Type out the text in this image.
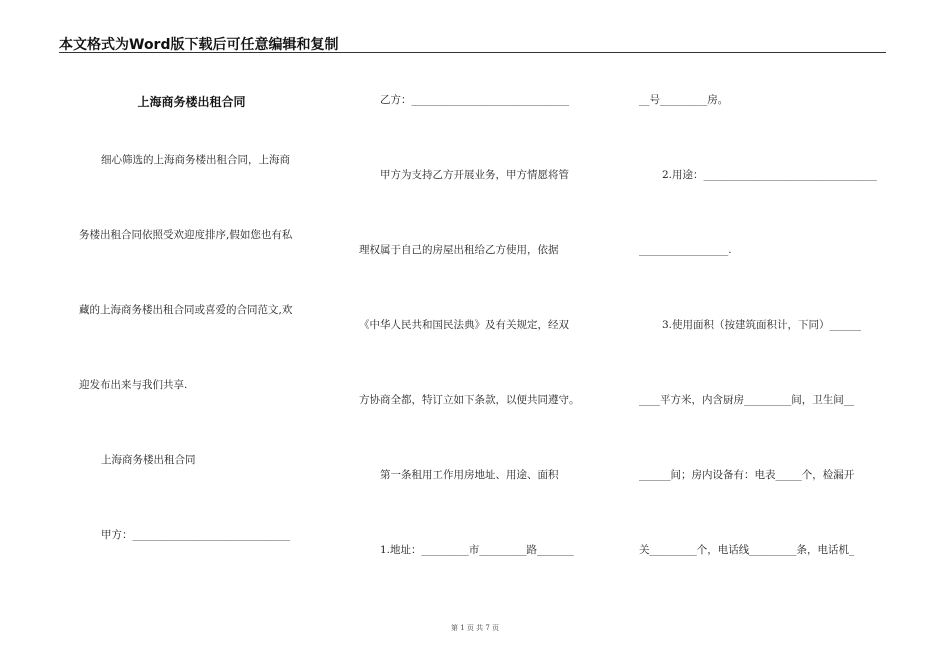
本文格式为Word版下载后可任意编辑和复制
上海商务楼出租合同
细心筛选的上海商务楼出租合同，上海商
务楼出租合同依照受欢迎度排序,假如您也有私
藏的上海商务楼出租合同或喜爱的合同范文,欢
迎发布出来与我们共享.
上海商务楼出租合同
甲方：______________________________
乙方：______________________________
甲方为支持乙方开展业务，甲方情愿将管
理权属于自己的房屋出租给乙方使用，依据
《中华人民共和国民法典》及有关规定，经双
方协商全都，特订立如下条款，以便共同遵守。
第一条租用工作用房地址、用途、面积
1.地址：_________市_________路_______
__号_________房。
2.用途：_________________________________
_________________.
3.使用面积（按建筑面积计，下同）______
____平方米，内含厨房_________间，卫生间__
______间；房内设备有：电表_____个，检漏开
关_________个，电话线_________条，电话机_
第 1 页 共 7 页
